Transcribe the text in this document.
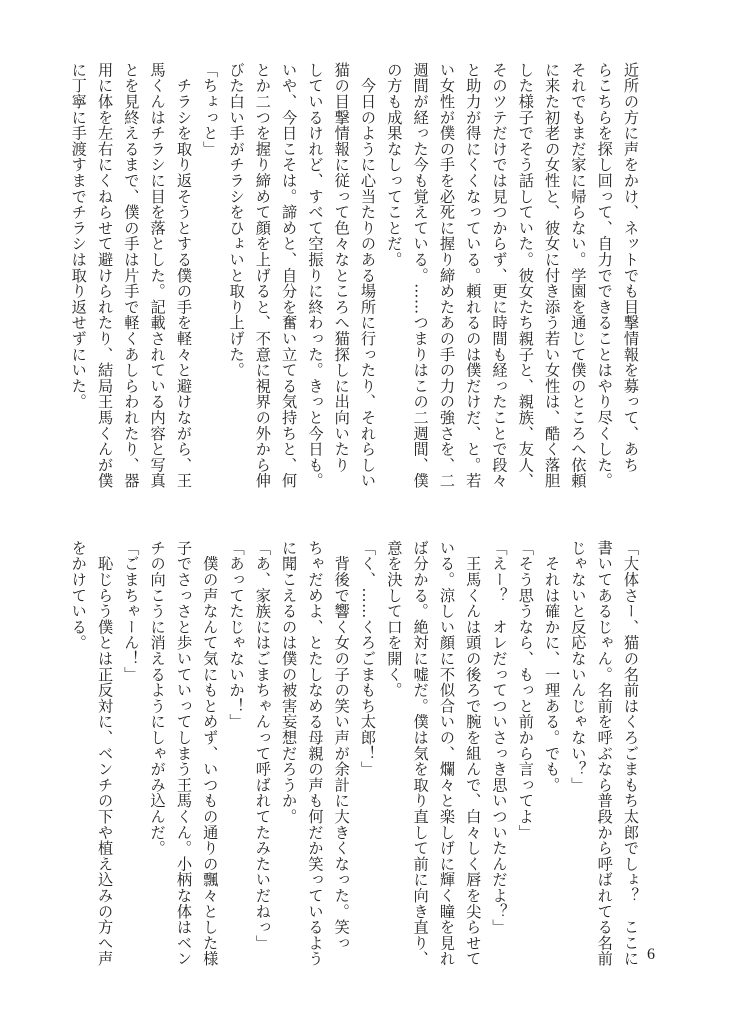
近所の方に声をかけ、ネットでも目撃情報を募って、あち
らこちらを探し回って、自力でできることはやり尽くした。
それでもまだ家に帰らない。学園を通じて僕のところへ依頼
に来た初老の女性と、彼女に付き添う若い女性は、酷く落胆
した様子でそう話していた。彼女たち親子と、親族、友人、
そのツテだけでは見つからず、更に時間も経ったことで段々
と助力が得にくくなっている。頼れるのは僕だけだ、と。若
い女性が僕の手を必死に握り締めたあの手の力の強さを、二
週間が経った今も覚えている。……つまりはこの二週間、僕
の方も成果なしってことだ。
　今日のように心当たりのある場所に行ったり、それらしい
猫の目撃情報に従って色々なところへ猫探しに出向いたり
しているけれど、すべて空振りに終わった。きっと今日も。
いや、今日こそは。諦めと、自分を奮い立てる気持ちと、何
とか二つを握り締めて顔を上げると、不意に視界の外から伸
びた白い手がチラシをひょいと取り上げた。
「ちょっと」
　チラシを取り返そうとする僕の手を軽々と避けながら、王
馬くんはチラシに目を落とした。記載されている内容と写真
とを見終えるまで、僕の手は片手で軽くあしらわれたり、器
用に体を左右にくねらせて避けられたり、結局王馬くんが僕
に丁寧に手渡すまでチラシは取り返せずにいた。
「大体さー、猫の名前はくろごまもち太郎でしょ？　ここに
書いてあるじゃん。名前を呼ぶなら普段から呼ばれてる名前
じゃないと反応ないんじゃない？」
　それは確かに、一理ある。でも。
「そう思うなら、もっと前から言ってよ」
「えー？　オレだってついさっき思いついたんだよ？」
　王馬くんは頭の後ろで腕を組んで、白々しく唇を尖らせて
いる。涼しい顔に不似合いの、爛々と楽しげに輝く瞳を見れ
ば分かる。絶対に嘘だ。僕は気を取り直して前に向き直り、
意を決して口を開く。
「く、……くろごまもち太郎！」
　背後で響く女の子の笑い声が余計に大きくなった。笑っ
ちゃだめよ、とたしなめる母親の声も何だか笑っているよう
に聞こえるのは僕の被害妄想だろうか。
「あ、家族にはごまちゃんって呼ばれてたみたいだねっ」
「あってたじゃないか！」
　僕の声なんて気にもとめず、いつもの通りの飄々とした様
子でさっさと歩いていってしまう王馬くん。小柄な体はベン
チの向こうに消えるようにしゃがみ込んだ。
「ごまちゃーん！」
　恥じらう僕とは正反対に、ベンチの下や植え込みの方へ声
をかけている。
6
